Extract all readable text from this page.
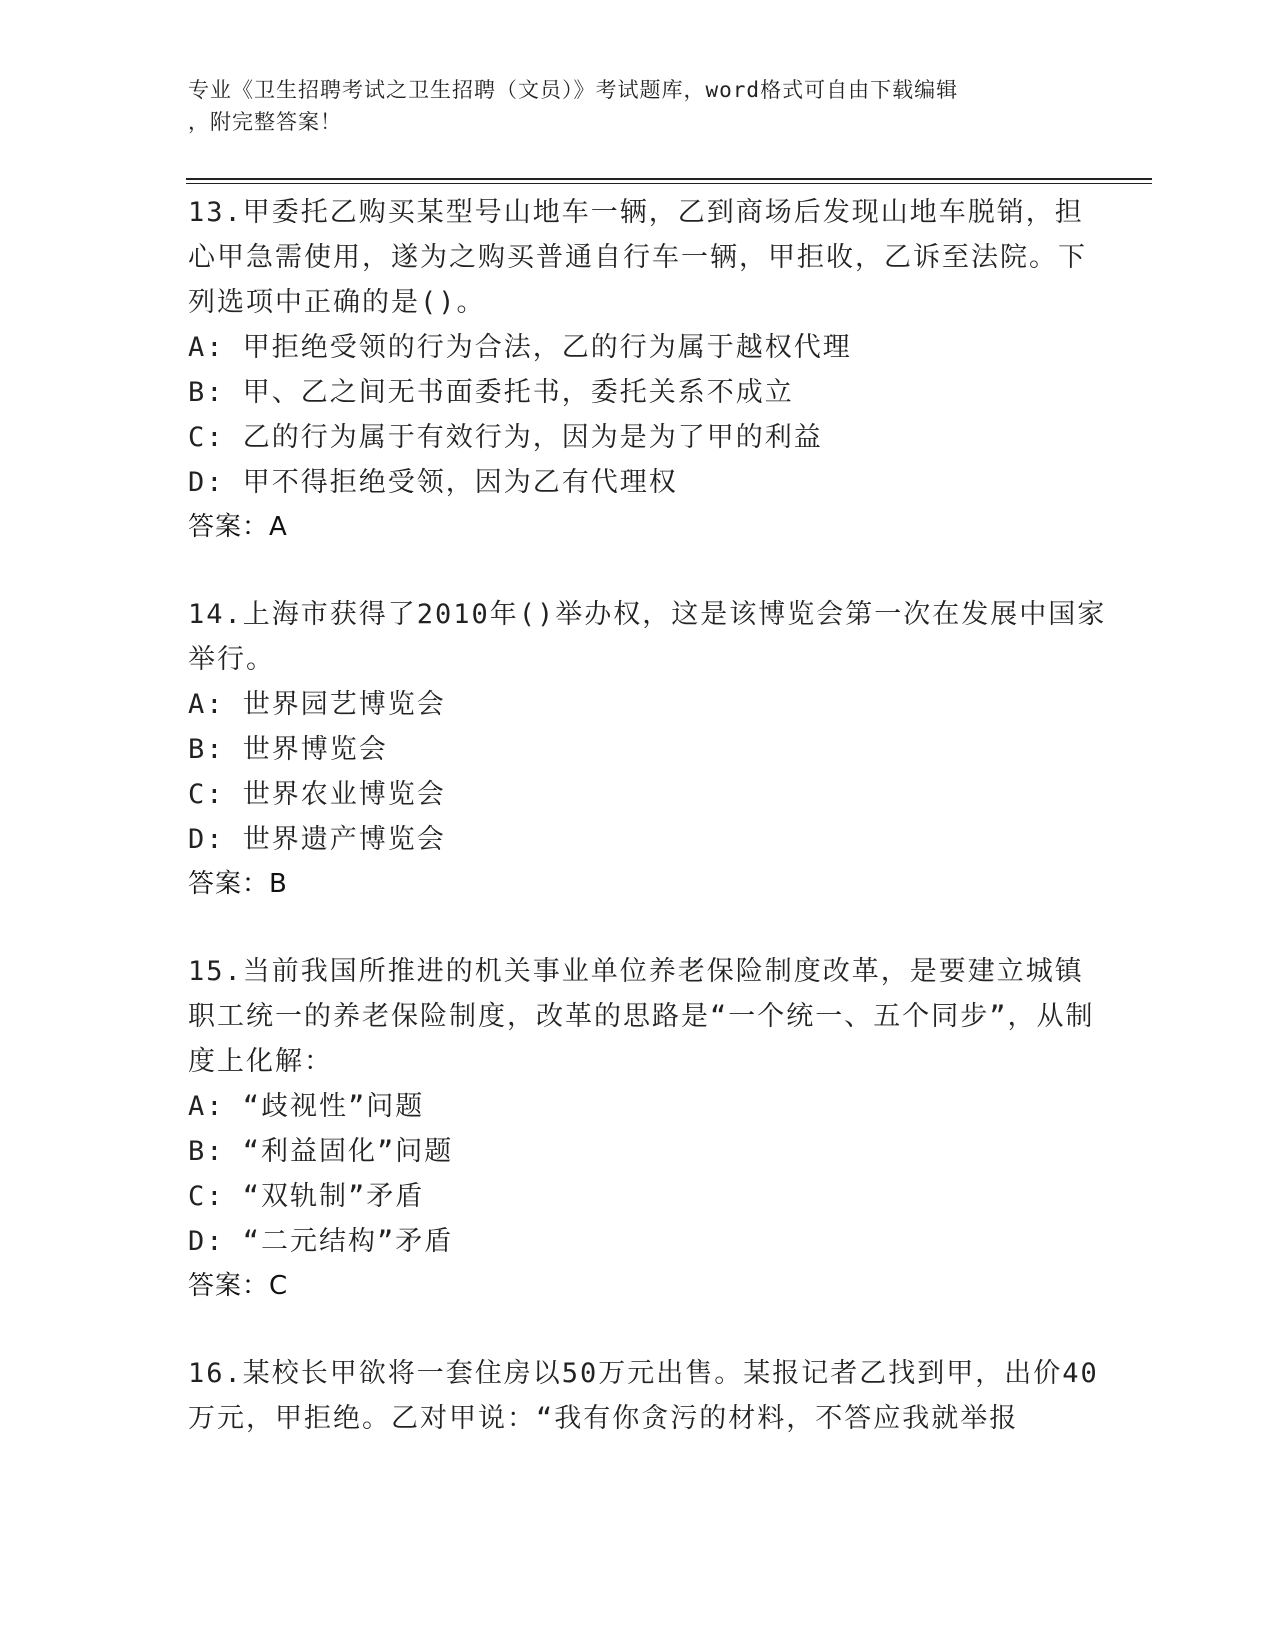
专业《卫生招聘考试之卫生招聘（文员）》考试题库，word格式可自由下载编辑
，附完整答案！
13.甲委托乙购买某型号山地车一辆，乙到商场后发现山地车脱销，担心甲急需使用，遂为之购买普通自行车一辆，甲拒收，乙诉至法院。下列选项中正确的是()。
A: 甲拒绝受领的行为合法，乙的行为属于越权代理
B: 甲、乙之间无书面委托书，委托关系不成立
C: 乙的行为属于有效行为，因为是为了甲的利益
D: 甲不得拒绝受领，因为乙有代理权
答案：A
14.上海市获得了2010年()举办权，这是该博览会第一次在发展中国家举行。
A: 世界园艺博览会
B: 世界博览会
C: 世界农业博览会
D: 世界遗产博览会
答案：B
15.当前我国所推进的机关事业单位养老保险制度改革，是要建立城镇职工统一的养老保险制度，改革的思路是“一个统一、五个同步”，从制度上化解：
A: “歧视性”问题
B: “利益固化”问题
C: “双轨制”矛盾
D: “二元结构”矛盾
答案：C
16.某校长甲欲将一套住房以50万元出售。某报记者乙找到甲，出价40万元，甲拒绝。乙对甲说：“我有你贪污的材料，不答应我就举报
